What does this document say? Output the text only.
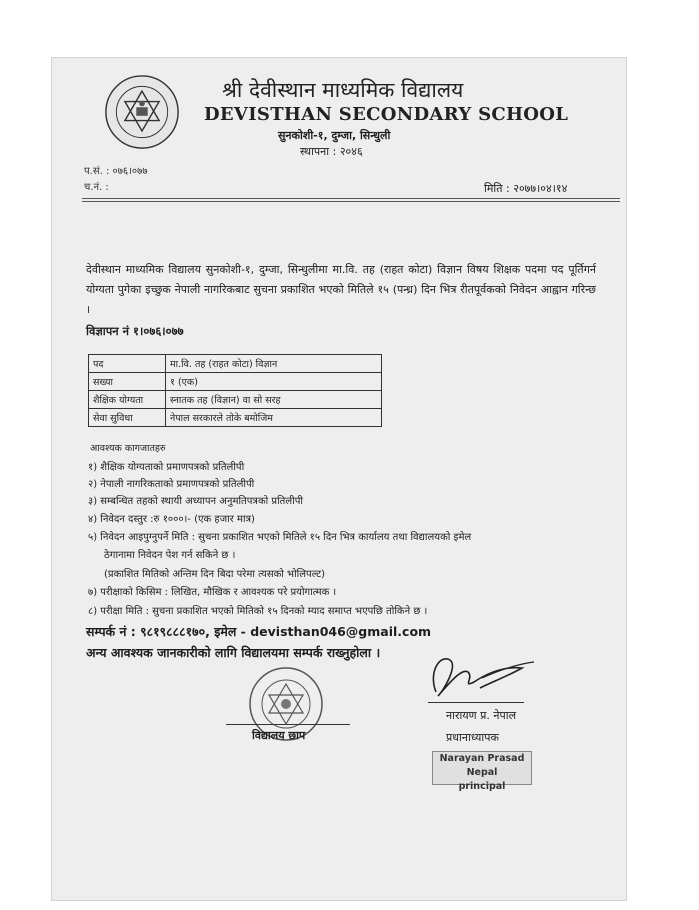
श्री देवीस्थान माध्यमिक विद्यालय
DEVISTHAN SECONDARY SCHOOL
सुनकोशी-१, दुम्जा, सिन्धुली
स्थापना : २०४६
प.सं. : ०७६।०७७
च.नं. :	मिति : २०७७।०४।१४
देवीस्थान माध्यमिक विद्यालय सुनकोशी-१, दुम्जा, सिन्धुलीमा मा.वि. तह (राहत कोटा) विज्ञान विषय शिक्षक पदमा पद पूर्तिगर्न योग्यता पुगेका इच्छुक नेपाली नागरिकबाट सुचना प्रकाशित भएको मितिले १५ (पन्ध्र) दिन भित्र रीतपूर्वकको निवेदन आह्वान गरिन्छ ।
विज्ञापन नं १।०७६।०७७
पद	मा.वि. तह (राहत कोटा) विज्ञान
सख्या	१ (एक)
शैक्षिक योग्यता	स्नातक तह (विज्ञान) वा सो सरह
सेवा सुविधा	नेपाल सरकारले तोके बमोजिम
आवश्यक कागजातहरु
१) शैक्षिक योग्यताको प्रमाणपत्रको प्रतिलीपी
२) नेपाली नागरिकताको प्रमाणपत्रको प्रतिलीपी
३) सम्बन्धित तहको स्थायी अध्यापन अनुमतिपत्रको प्रतिलीपी
४) निवेदन दस्तुर :रु १०००।- (एक हजार मात्र)
५) निवेदन आइपुग्नुपर्ने मिति : सुचना प्रकाशित भएको मितिले १५ दिन भित्र कार्यालय तथा विद्यालयको इमेल
ठेगानामा निवेदन पेश गर्न सकिने छ ।
(प्रकाशित मितिको अन्तिम दिन बिदा परेमा त्यसको भोलिपल्ट)
७) परीक्षाको किसिम : लिखित, मौखिक र आवश्यक परे प्रयोगात्मक ।
८) परीक्षा मिति : सुचना प्रकाशित भएको मितिको १५ दिनको म्याद समाप्त भएपछि तोकिने छ ।
सम्पर्क नं : ९८१९८८८१७०, इमेल - devisthan046@gmail.com
अन्य आवश्यक जानकारीको लागि विद्यालयमा सम्पर्क राख्नुहोला ।
विद्यालय छाप
नारायण प्र. नेपाल
प्रधानाध्यापक
Narayan Prasad Nepal
principal
